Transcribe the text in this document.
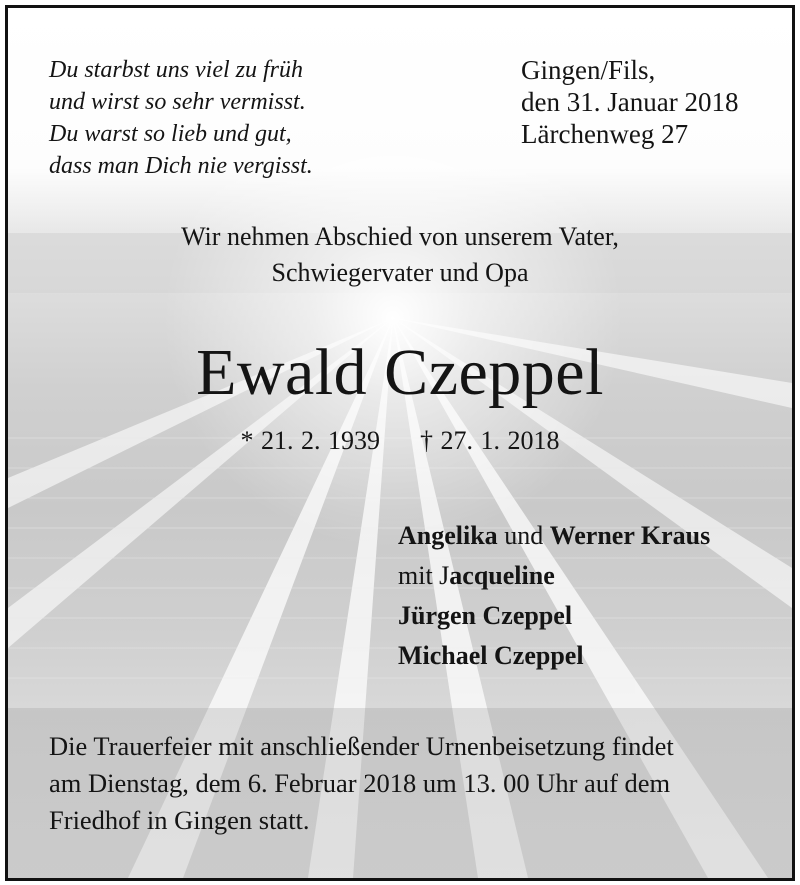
Du starbst uns viel zu früh
und wirst so sehr vermisst.
Du warst so lieb und gut,
dass man Dich nie vergisst.
Gingen/Fils,
den 31. Januar 2018
Lärchenweg 27
Wir nehmen Abschied von unserem Vater,
Schwiegervater und Opa
Ewald Czeppel
* 21. 2. 1939 † 27. 1. 2018
Angelika und Werner Kraus
mit Jacqueline
Jürgen Czeppel
Michael Czeppel
Die Trauerfeier mit anschließender Urnenbeisetzung findet
am Dienstag, dem 6. Februar 2018 um 13. 00 Uhr auf dem
Friedhof in Gingen statt.
